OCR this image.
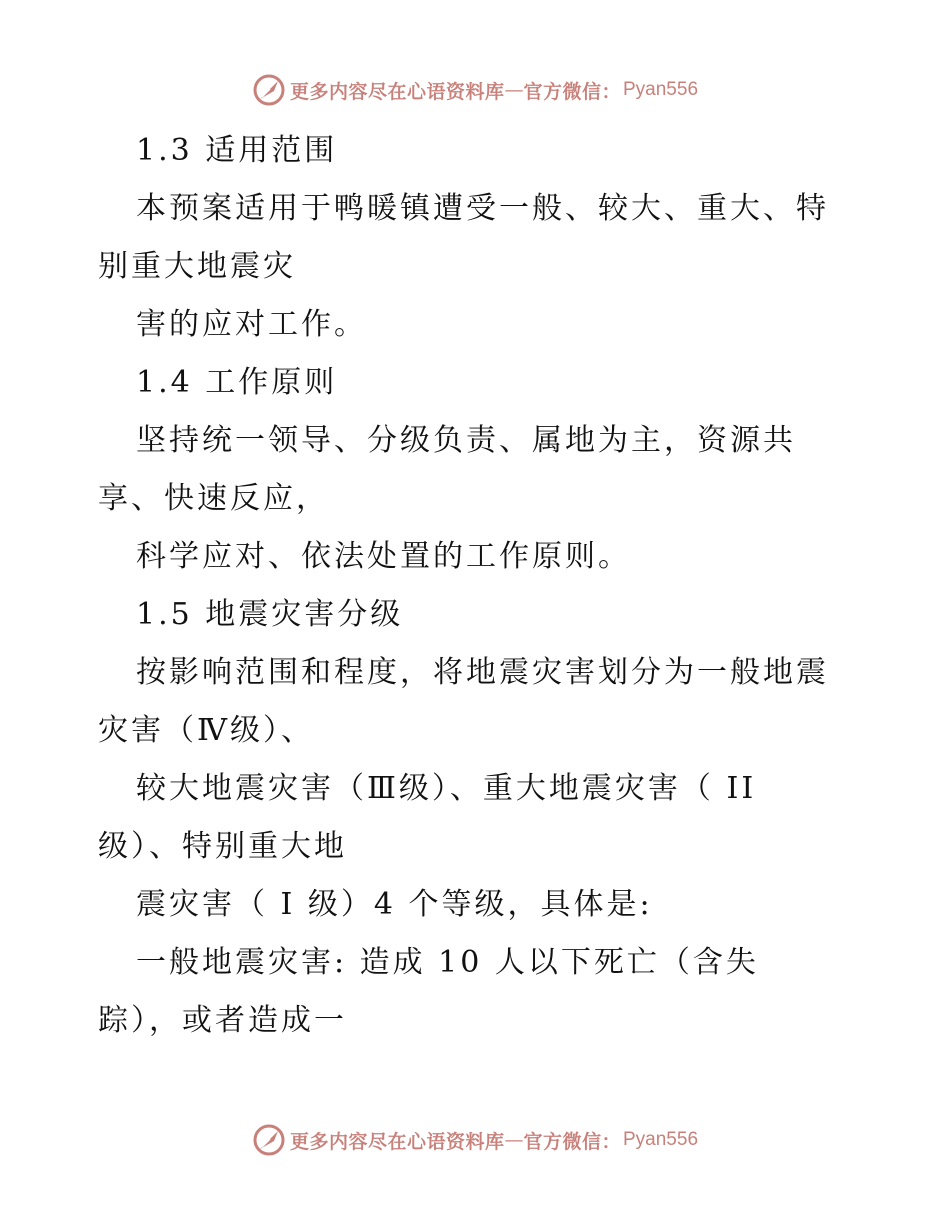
更多内容尽在心语资料库 — 官方微信： Pyan556
1.3 适用范围
本预案适用于鸭暖镇遭受一般、较大、重大、特
别重大地震灾
害的应对工作。
1.4 工作原则
坚持统一领导、分级负责、属地为主，资源共
享、快速反应，
科学应对、依法处置的工作原则。
1.5 地震灾害分级
按影响范围和程度，将地震灾害划分为一般地震
灾害（Ⅳ级）、
较大地震灾害（Ⅲ级）、重大地震灾害（ II
级）、特别重大地
震灾害（ I 级）4 个等级，具体是:
一般地震灾害: 造成 10 人以下死亡（含失
踪），或者造成一
更多内容尽在心语资料库 — 官方微信： Pyan556
